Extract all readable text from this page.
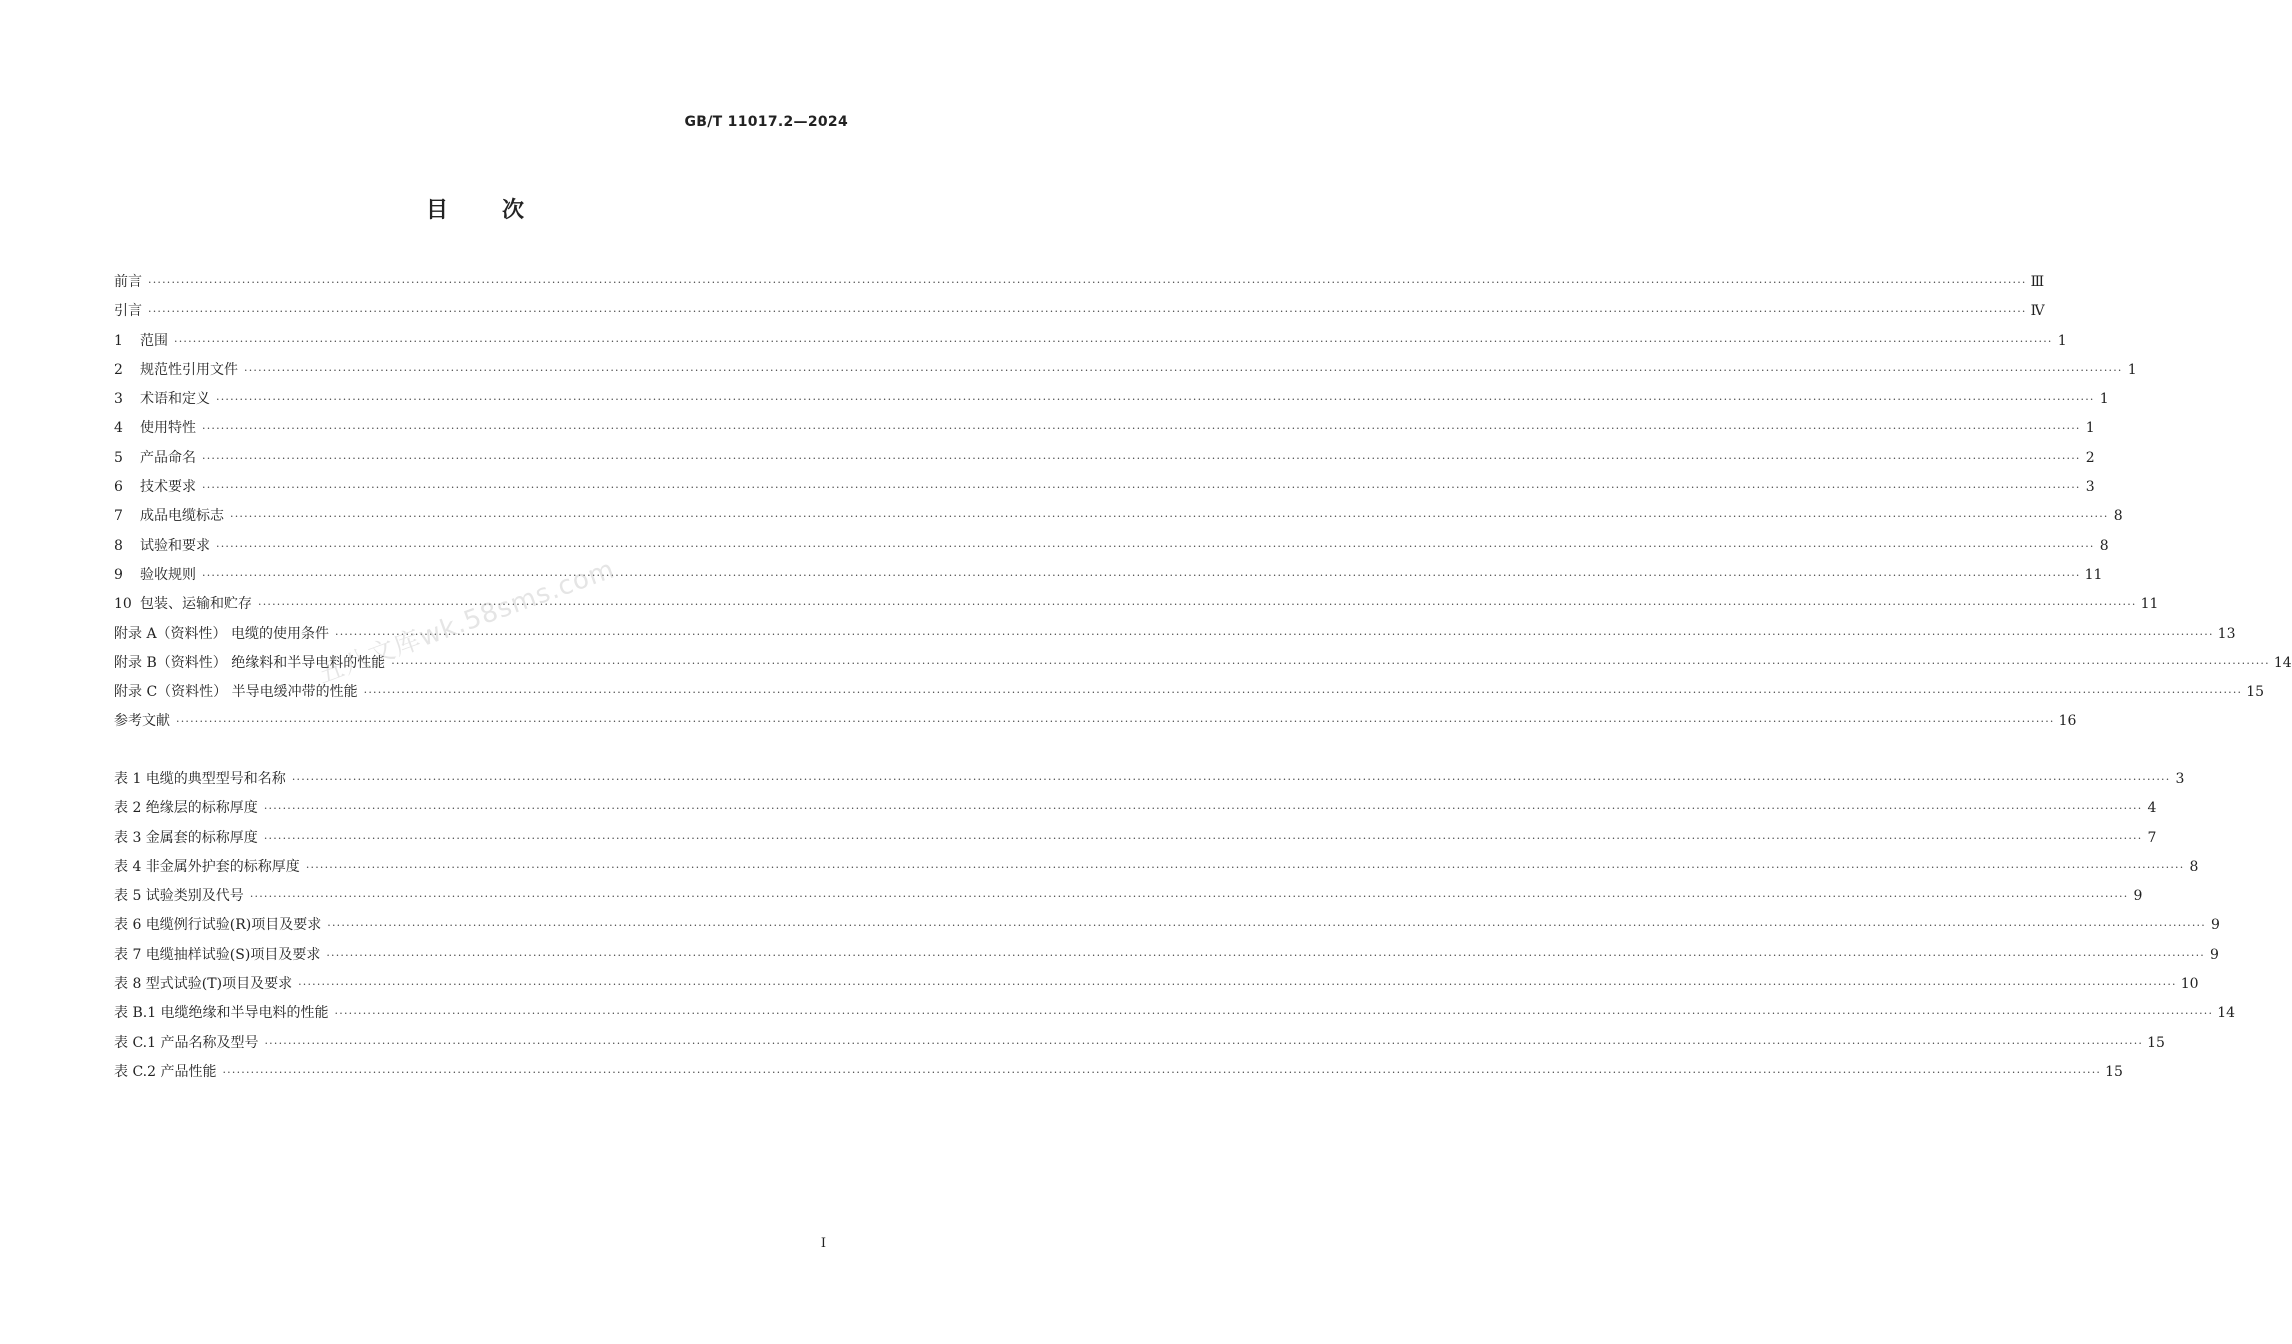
GB/T 11017.2—2024
目 次
前言 ················································································································································································································································································································································································································ Ⅲ
引言 ················································································································································································································································································································································································································ Ⅳ
1	范围 ················································································································································································································································································································································································································ 1
2	规范性引用文件 ················································································································································································································································································································································································································ 1
3	术语和定义 ················································································································································································································································································································································································································ 1
4	使用特性 ················································································································································································································································································································································································································ 1
5	产品命名 ················································································································································································································································································································································································································ 2
6	技术要求 ················································································································································································································································································································································································································ 3
7	成品电缆标志 ················································································································································································································································································································································································································ 8
8	试验和要求 ················································································································································································································································································································································································································ 8
9	验收规则 ················································································································································································································································································································································································································ 11
10 包装、运输和贮存 ················································································································································································································································································································································································································ 11
附录 A（资料性） 电缆的使用条件 ················································································································································································································································································································································································································ 13
附录 B（资料性） 绝缘料和半导电料的性能 ················································································································································································································································································································································································································ 14
附录 C（资料性） 半导电缓冲带的性能 ················································································································································································································································································································································································································ 15
参考文献 ················································································································································································································································································································································································································ 16
表 1 电缆的典型型号和名称 ················································································································································································································································································································································································································ 3
表 2 绝缘层的标称厚度 ················································································································································································································································································································································································································ 4
表 3 金属套的标称厚度 ················································································································································································································································································································································································································ 7
表 4 非金属外护套的标称厚度 ················································································································································································································································································································································································································ 8
表 5 试验类别及代号 ················································································································································································································································································································································································································ 9
表 6 电缆例行试验(R)项目及要求 ················································································································································································································································································································································································································ 9
表 7 电缆抽样试验(S)项目及要求 ················································································································································································································································································································································································································ 9
表 8 型式试验(T)项目及要求 ················································································································································································································································································································································································································ 10
表 B.1 电缆绝缘和半导电料的性能 ················································································································································································································································································································································································································ 14
表 C.1 产品名称及型号 ················································································································································································································································································································································································································ 15
表 C.2 产品性能 ················································································································································································································································································································································································································ 15
五八文库wk.58sms.com
I
